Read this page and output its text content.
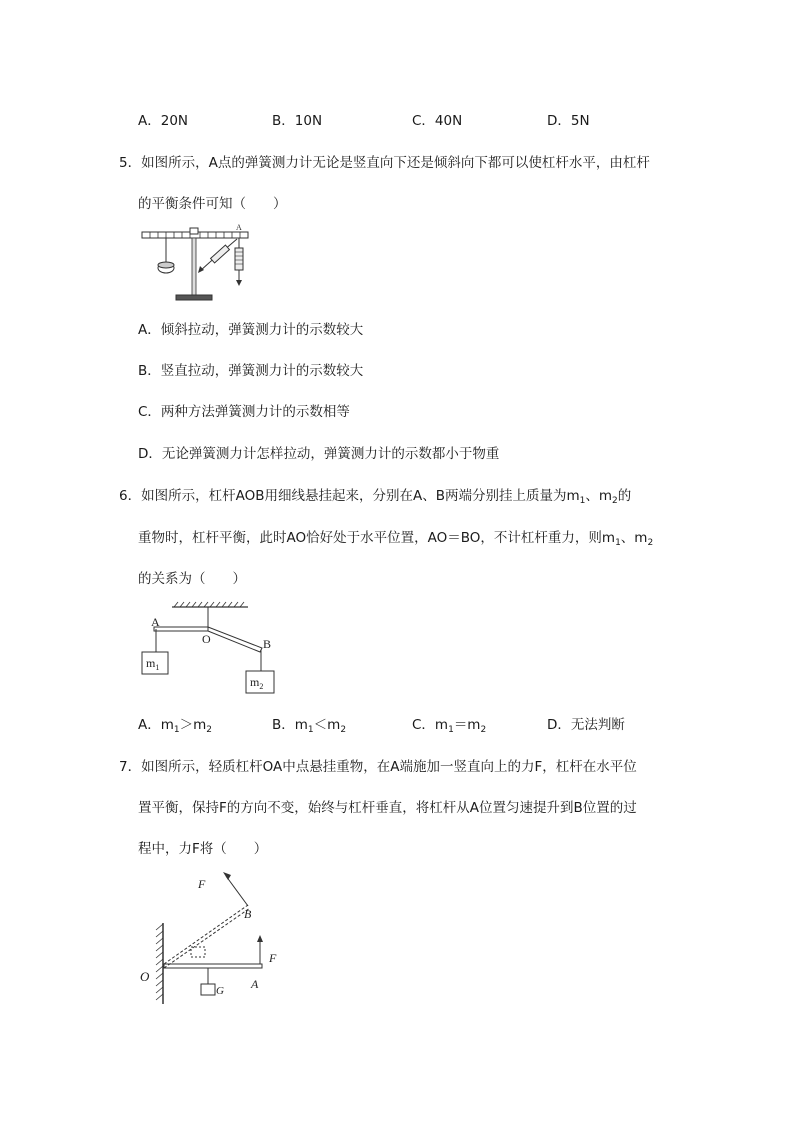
A．20N	B．10N	C．40N	D．5N
5．如图所示，A点的弹簧测力计无论是竖直向下还是倾斜向下都可以使杠杆水平，由杠杆
的平衡条件可知（　　）
A
A．倾斜拉动，弹簧测力计的示数较大
B．竖直拉动，弹簧测力计的示数较大
C．两种方法弹簧测力计的示数相等
D．无论弹簧测力计怎样拉动，弹簧测力计的示数都小于物重
6．如图所示，杠杆AOB用细线悬挂起来，分别在A、B两端分别挂上质量为$m_1$、$m_2$的
重物时，杠杆平衡，此时AO恰好处于水平位置，AO＝BO，不计杠杆重力，则$m_1$、$m_2$
的关系为（　　）
A
O	B
$m_1$
$m_2$
A．$m_1>m_2$	B．$m_1<m_2$	C．$m_1=m_2$	D．无法判断
7．如图所示，轻质杠杆OA中点悬挂重物，在A端施加一竖直向上的力F，杠杆在水平位
置平衡，保持F的方向不变，始终与杠杆垂直，将杠杆从A位置匀速提升到B位置的过
程中，力F将（　　）
F
B
O
F
A
G
